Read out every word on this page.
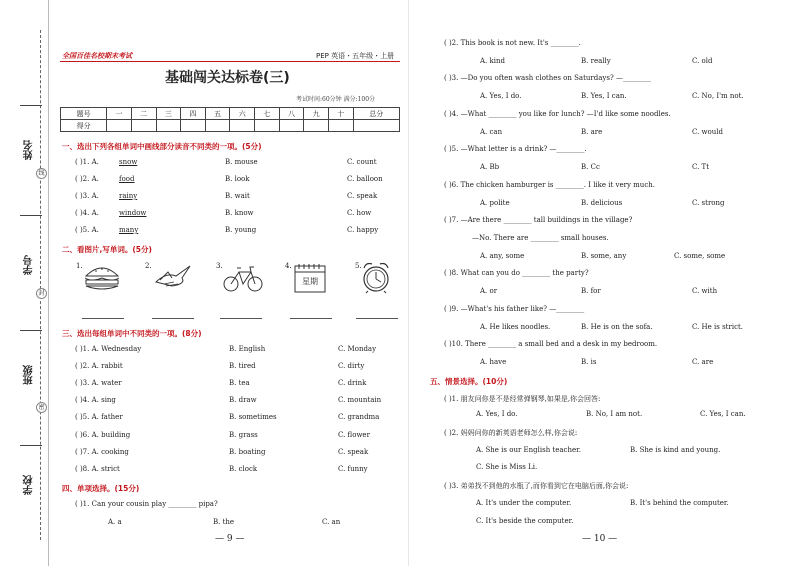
姓名
学号
班级
学校
线
封
密
全国百佳名校期末考试	PEP 英语・五年级・上册
基础闯关达标卷(三)
考试时间:60分钟 满分:100分
题号	一	二	三	四	五	六	七	八	九	十	总分
得分											
一、选出下列各组单词中画线部分读音不同类的一项。(5分)
( )1. A.	snow	B. mouse	C. count
( )2. A.	food	B. look	C. balloon
( )3. A.	rainy	B. wait	C. speak
( )4. A.	window	B. know	C. how
( )5. A.	many	B. young	C. happy
二、看图片,写单词。(5分)
1.	2.	3.	4.
星期
5.
三、选出每组单词中不同类的一项。(8分)
( )1. A. Wednesday	B. English	C. Monday
( )2. A. rabbit	B. tired	C. dirty
( )3. A. water	B. tea	C. drink
( )4. A. sing	B. draw	C. mountain
( )5. A. father	B. sometimes	C. grandma
( )6. A. building	B. grass	C. flower
( )7. A. cooking	B. boating	C. speak
( )8. A. strict	B. clock	C. funny
四、单项选择。(15分)
( )1. Can your cousin play ________ pipa?
A. a	B. the	C. an
— 9 —
( )2. This book is not new. It's ________.
A. kind	B. really	C. old
( )3. —Do you often wash clothes on Saturdays? —________
A. Yes, I do.	B. Yes, I can.	C. No, I'm not.
( )4. —What ________ you like for lunch? —I'd like some noodles.
A. can	B. are	C. would
( )5. —What letter is a drink? —________.
A. Bb	B. Cc	C. Tt
( )6. The chicken hamburger is ________. I like it very much.
A. polite	B. delicious	C. strong
( )7. —Are there ________ tall buildings in the village?
—No. There are ________ small houses.
A. any, some	B. some, any	C. some, some
( )8. What can you do ________ the party?
A. or	B. for	C. with
( )9. —What's his father like? —________
A. He likes noodles.	B. He is on the sofa.	C. He is strict.
( )10. There ________ a small bed and a desk in my bedroom.
A. have	B. is	C. are
五、情景选择。(10分)
( )1. 朋友问你是不是经常弹钢琴,如果是,你会回答:
A. Yes, I do.	B. No, I am not.	C. Yes, I can.
( )2. 妈妈问你的新英语老师怎么样,你会说:
A. She is our English teacher.	B. She is kind and young.
C. She is Miss Li.
( )3. 弟弟找不到他的水瓶了,而你看到它在电脑后面,你会说:
A. It's under the computer.	B. It's behind the computer.
C. It's beside the computer.
— 10 —
